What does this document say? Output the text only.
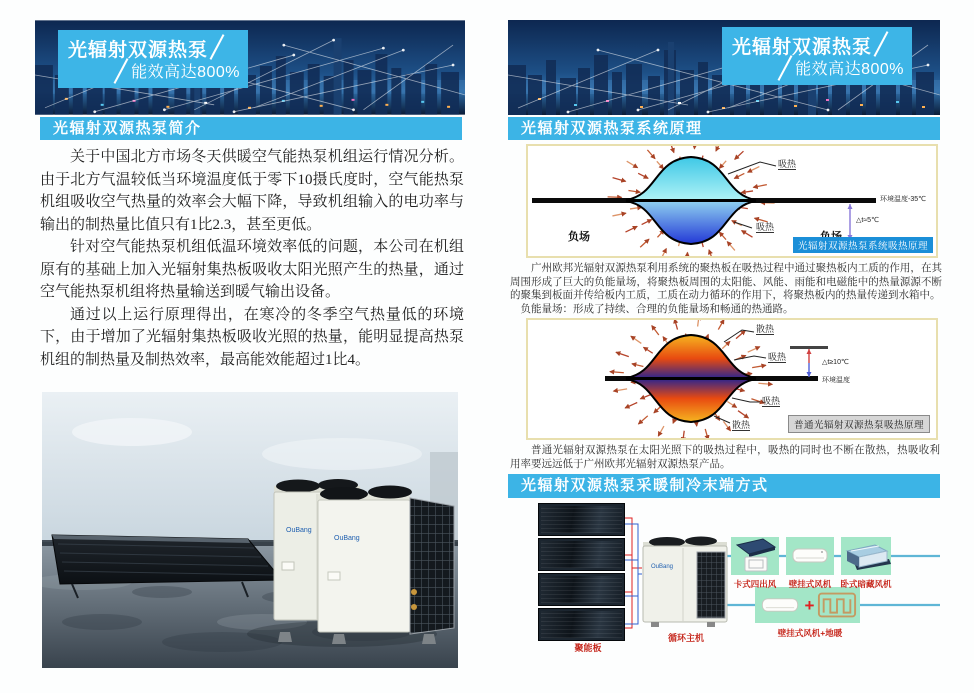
光辐射双源热泵
能效高达800%
光辐射双源热泵简介

关于中国北方市场冬天供暖空气能热泵机组运行情况分析。由于北方气温较低当环境温度低于零下10摄氏度时，空气能热泵机组吸收空气热量的效率会大幅下降，导致机组输入的电功率与输出的制热量比值只有1比2.3，甚至更低。

针对空气能热泵机组低温环境效率低的问题，本公司在机组原有的基础上加入光辐射集热板吸收太阳光照产生的热量，通过空气能热泵机组将热量输送到暖气输出设备。

通过以上运行原理得出，在寒冷的冬季空气热量低的环境下，由于增加了光辐射集热板吸收光照的热量，能明显提高热泵机组的制热量及制热效率，最高能效能超过1比4。

OuBang
OuBang
光辐射双源热泵
能效高达800%
光辐射双源热泵系统原理
吸热
吸热
负场
环境温度-35℃
△t≈5℃
光辐射双源热泵系统吸热原理

广州欧邦光辐射双源热泵利用系统的聚热板在吸热过程中通过聚热板内工质的作用，在其周围形成了巨大的负能量场，将聚热板周围的太阳能、风能、雨能和电磁能中的热量源源不断的聚集到板面并传给板内工质，工质在动力循环的作用下，将聚热板内的热量传递到水箱中。

负能量场：形成了持续、合理的负能量场和畅通的热通路。

散热
吸热
吸热
散热
△t≥10℃
环境温度
普通光辐射双源热泵吸热原理

普通光辐射双源热泵在太阳光照下的吸热过程中，吸热的同时也不断在散热，热吸收利用率要远远低于广州欧邦光辐射双源热泵产品。

光辐射双源热泵采暖制冷末端方式
聚能板
OuBang
循环主机
卡式四出风	壁挂式风机	卧式暗藏风机
+
壁挂式风机+地暖
